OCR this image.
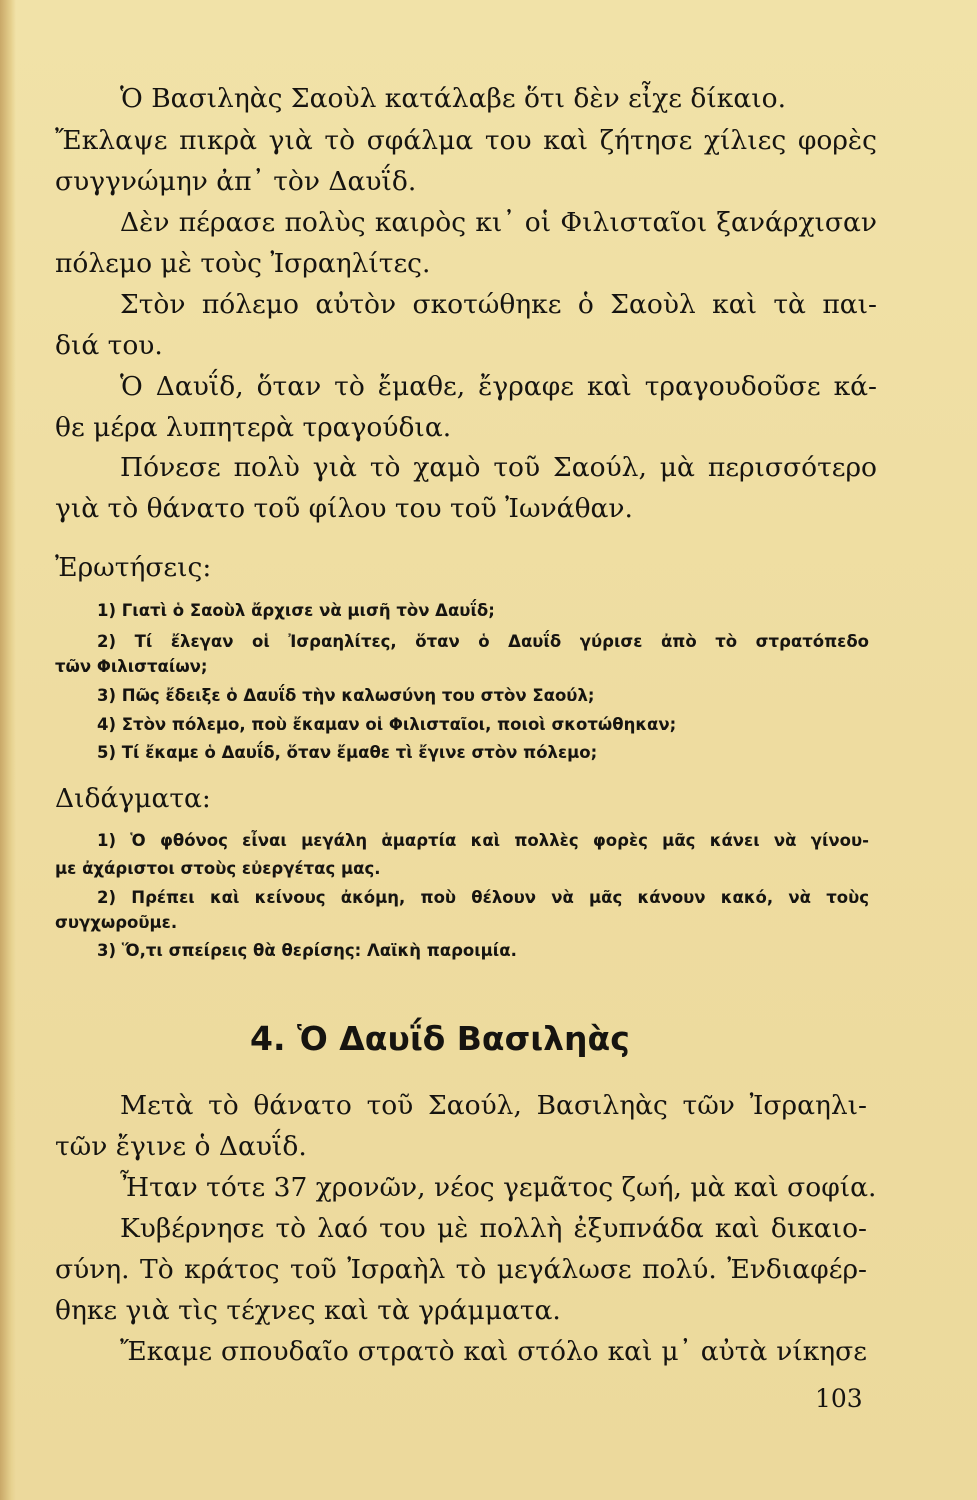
Ὁ Βασιληὰς Σαοὺλ κατάλαβε ὅτι δὲν εἶχε δίκαιο.
Ἔκλαψε πικρὰ γιὰ τὸ σφάλμα του καὶ ζήτησε χίλιες φορὲς
συγγνώμην ἀπ᾿ τὸν Δαυΐδ.
Δὲν πέρασε πολὺς καιρὸς κι᾿ οἱ Φιλισταῖοι ξανάρχισαν
πόλεμο μὲ τοὺς Ἰσραηλίτες.
Στὸν πόλεμο αὐτὸν σκοτώθηκε ὁ Σαοὺλ καὶ τὰ παι-
διά του.
Ὁ Δαυΐδ, ὅταν τὸ ἔμαθε, ἔγραφε καὶ τραγουδοῦσε κά-
θε μέρα λυπητερὰ τραγούδια.
Πόνεσε πολὺ γιὰ τὸ χαμὸ τοῦ Σαούλ, μὰ περισσότερο
γιὰ τὸ θάνατο τοῦ φίλου του τοῦ Ἰωνάθαν.
Ἐρωτήσεις:
1) Γιατὶ ὁ Σαοὺλ ἄρχισε νὰ μισῆ τὸν Δαυΐδ;
2) Τί ἔλεγαν οἱ Ἰσραηλίτες, ὅταν ὁ Δαυΐδ γύρισε ἀπὸ τὸ στρατόπεδο
τῶν Φιλισταίων;
3) Πῶς ἔδειξε ὁ Δαυΐδ τὴν καλωσύνη του στὸν Σαούλ;
4) Στὸν πόλεμο, ποὺ ἔκαμαν οἱ Φιλισταῖοι, ποιοὶ σκοτώθηκαν;
5) Τί ἔκαμε ὁ Δαυΐδ, ὅταν ἔμαθε τὶ ἔγινε στὸν πόλεμο;
Διδάγματα:
1) Ὁ φθόνος εἶναι μεγάλη ἁμαρτία καὶ πολλὲς φορὲς μᾶς κάνει νὰ γίνου-
με ἀχάριστοι στοὺς εὐεργέτας μας.
2) Πρέπει καὶ κείνους ἀκόμη, ποὺ θέλουν νὰ μᾶς κάνουν κακό, νὰ τοὺς
συγχωροῦμε.
3) Ὅ,τι σπείρεις θὰ θερίσης: Λαϊκὴ παροιμία.
4. Ὁ Δαυΐδ Βασιληὰς
Μετὰ τὸ θάνατο τοῦ Σαούλ, Βασιληὰς τῶν Ἰσραηλι-
τῶν ἔγινε ὁ Δαυΐδ.
Ἦταν τότε 37 χρονῶν, νέος γεμᾶτος ζωή, μὰ καὶ σοφία.
Κυβέρνησε τὸ λαό του μὲ πολλὴ ἐξυπνάδα καὶ δικαιο-
σύνη. Τὸ κράτος τοῦ Ἰσραὴλ τὸ μεγάλωσε πολύ. Ἐνδιαφέρ-
θηκε γιὰ τὶς τέχνες καὶ τὰ γράμματα.
Ἔκαμε σπουδαῖο στρατὸ καὶ στόλο καὶ μ᾿ αὐτὰ νίκησε
103
